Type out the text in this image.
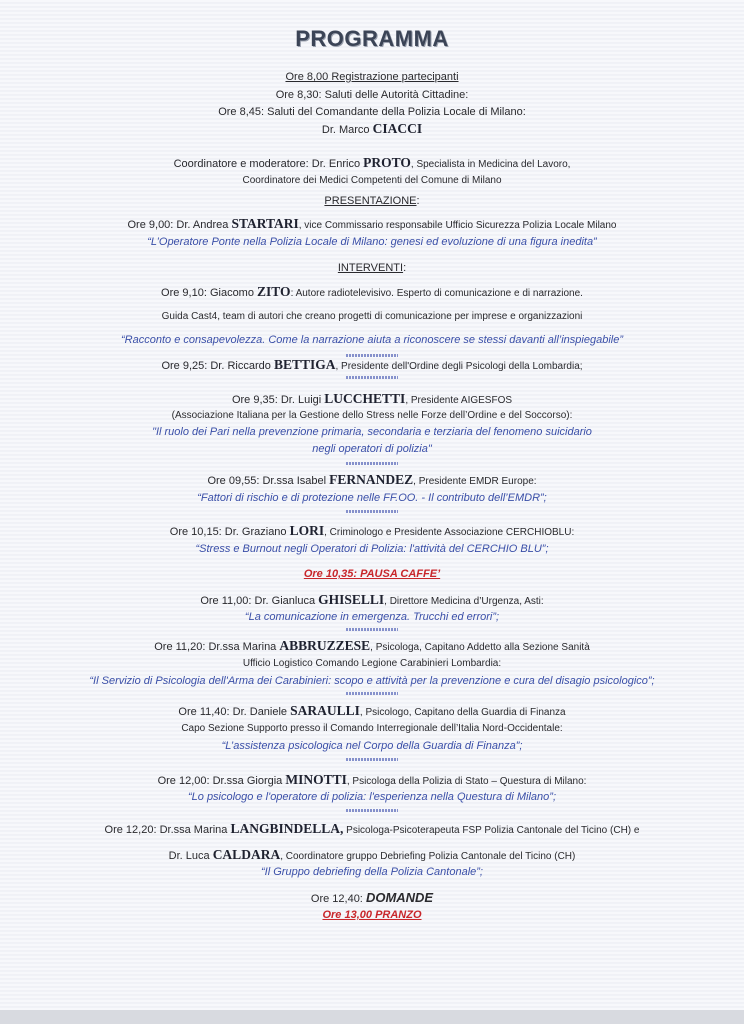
PROGRAMMA
Ore 8,00 Registrazione partecipanti
Ore 8,30: Saluti delle Autorità Cittadine:
Ore 8,45: Saluti del Comandante della Polizia Locale di Milano:
Dr. Marco CIACCI
Coordinatore e moderatore: Dr. Enrico PROTO, Specialista in Medicina del Lavoro,
Coordinatore dei Medici Competenti del Comune di Milano
PRESENTAZIONE:
Ore 9,00: Dr. Andrea STARTARI, vice Commissario responsabile Ufficio Sicurezza Polizia Locale Milano
“L’Operatore Ponte nella Polizia Locale di Milano: genesi ed evoluzione di una figura inedita”
INTERVENTI:
Ore 9,10: Giacomo ZITO: Autore radiotelevisivo. Esperto di comunicazione e di narrazione.
Guida Cast4, team di autori che creano progetti di comunicazione per imprese e organizzazioni
“Racconto e consapevolezza. Come la narrazione aiuta a riconoscere se stessi davanti all’inspiegabile”
Ore 9,25: Dr. Riccardo BETTIGA, Presidente dell'Ordine degli Psicologi della Lombardia;
Ore 9,35: Dr. Luigi LUCCHETTI, Presidente AIGESFOS
(Associazione Italiana per la Gestione dello Stress nelle Forze dell’Ordine e del Soccorso):
"Il ruolo dei Pari nella prevenzione primaria, secondaria e terziaria del fenomeno suicidario
negli operatori di polizia"
Ore 09,55: Dr.ssa Isabel FERNANDEZ, Presidente EMDR Europe:
“Fattori di rischio e di protezione nelle FF.OO. - Il contributo dell’EMDR”;
Ore 10,15: Dr. Graziano LORI, Criminologo e Presidente Associazione CERCHIOBLU:
“Stress e Burnout negli Operatori di Polizia: l'attività del CERCHIO BLU”;
Ore 10,35: PAUSA CAFFE’
Ore 11,00: Dr. Gianluca GHISELLI, Direttore Medicina d’Urgenza, Asti:
“La comunicazione in emergenza. Trucchi ed errori”;
Ore 11,20: Dr.ssa Marina ABBRUZZESE, Psicologa, Capitano Addetto alla Sezione Sanità
Ufficio Logistico Comando Legione Carabinieri Lombardia:
“Il Servizio di Psicologia dell'Arma dei Carabinieri: scopo e attività per la prevenzione e cura del disagio psicologico”;
Ore 11,40: Dr. Daniele SARAULLI, Psicologo, Capitano della Guardia di Finanza
Capo Sezione Supporto presso il Comando Interregionale dell’Italia Nord-Occidentale:
“L’assistenza psicologica nel Corpo della Guardia di Finanza”;
Ore 12,00: Dr.ssa Giorgia MINOTTI, Psicologa della Polizia di Stato – Questura di Milano:
“Lo psicologo e l'operatore di polizia: l'esperienza nella Questura di Milano”;
Ore 12,20: Dr.ssa Marina LANGBINDELLA, Psicologa-Psicoterapeuta FSP Polizia Cantonale del Ticino (CH) e
Dr. Luca CALDARA, Coordinatore gruppo Debriefing Polizia Cantonale del Ticino (CH)
“Il Gruppo debriefing della Polizia Cantonale”;
Ore 12,40: DOMANDE
Ore 13,00 PRANZO
